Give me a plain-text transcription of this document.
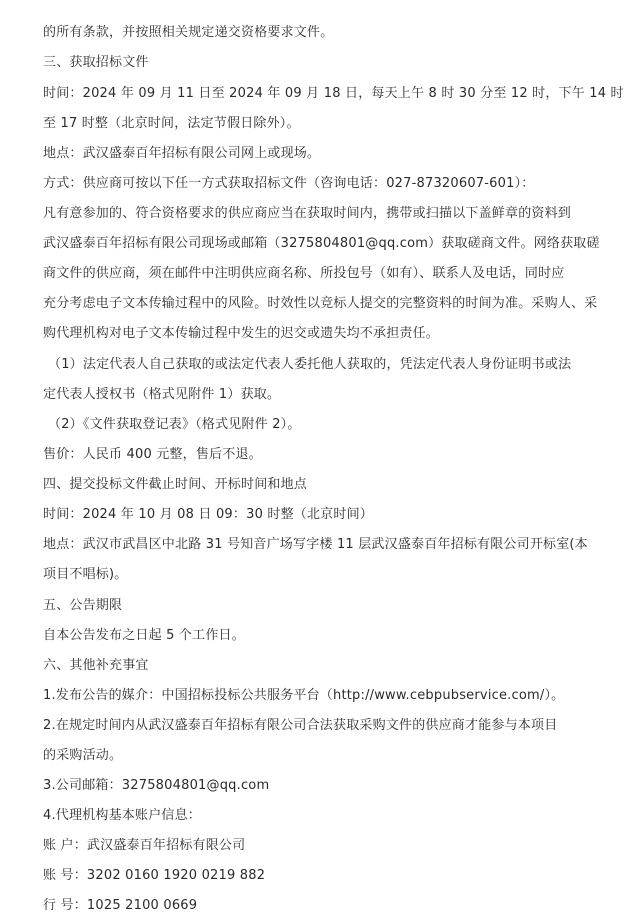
的所有条款，并按照相关规定递交资格要求文件。

三、获取招标文件

时间：2024 年 09 月 11 日至 2024 年 09 月 18 日，每天上午 8 时 30 分至 12 时，下午 14 时

至 17 时整（北京时间，法定节假日除外）。

地点：武汉盛泰百年招标有限公司网上或现场。

方式：供应商可按以下任一方式获取招标文件（咨询电话：027-87320607-601）：

凡有意参加的、符合资格要求的供应商应当在获取时间内，携带或扫描以下盖鲜章的资料到

武汉盛泰百年招标有限公司现场或邮箱（3275804801@qq.com）获取磋商文件。网络获取磋

商文件的供应商，须在邮件中注明供应商名称、所投包号（如有）、联系人及电话，同时应

充分考虑电子文本传输过程中的风险。时效性以竞标人提交的完整资料的时间为准。采购人、采

购代理机构对电子文本传输过程中发生的迟交或遗失均不承担责任。

（1）法定代表人自己获取的或法定代表人委托他人获取的，凭法定代表人身份证明书或法

定代表人授权书（格式见附件 1）获取。

（2）《文件获取登记表》（格式见附件 2）。

售价：人民币 400 元整，售后不退。

四、提交投标文件截止时间、开标时间和地点

时间：2024 年 10 月 08 日 09：30 时整（北京时间）

地点：武汉市武昌区中北路 31 号知音广场写字楼 11 层武汉盛泰百年招标有限公司开标室(本

项目不唱标)。

五、公告期限

自本公告发布之日起 5 个工作日。

六、其他补充事宜

1.发布公告的媒介：中国招标投标公共服务平台（http://www.cebpubservice.com/）。

2.在规定时间内从武汉盛泰百年招标有限公司合法获取采购文件的供应商才能参与本项目

的采购活动。

3.公司邮箱：3275804801@qq.com

4.代理机构基本账户信息：

账 户：武汉盛泰百年招标有限公司

账 号：3202 0160 1920 0219 882

行 号：1025 2100 0669
